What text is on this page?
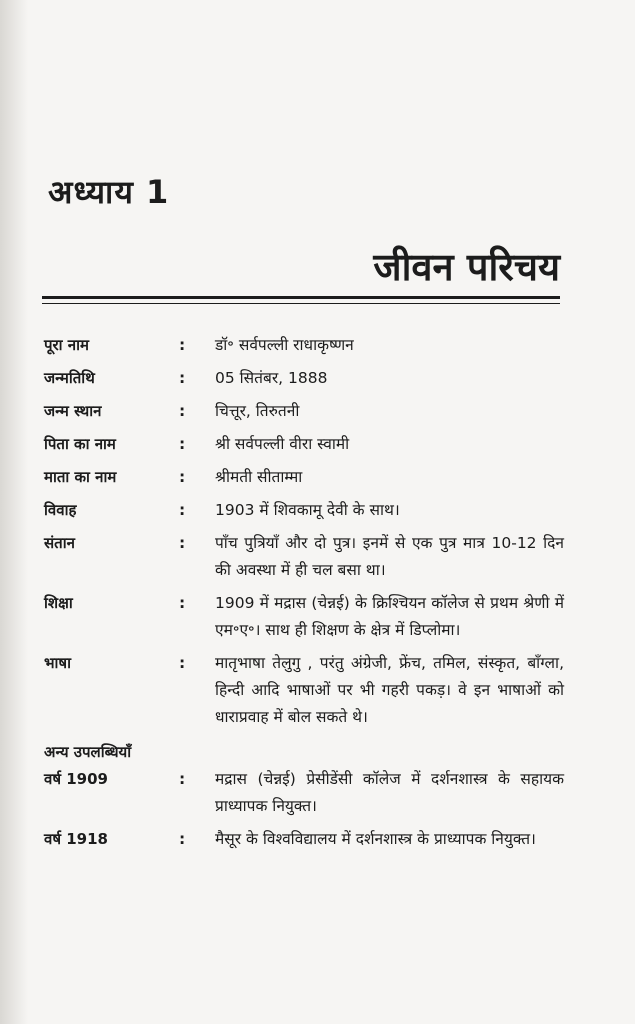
अध्याय 1
जीवन परिचय
पूरा नाम	:	डॉ॰ सर्वपल्ली राधाकृष्णन
जन्मतिथि	:	05 सितंबर, 1888
जन्म स्थान	:	चित्तूर, तिरुतनी
पिता का नाम	:	श्री सर्वपल्ली वीरा स्वामी
माता का नाम	:	श्रीमती सीताम्मा
विवाह	:	1903 में शिवकामू देवी के साथ।
संतान	:	पाँच पुत्रियाँ और दो पुत्र। इनमें से एक पुत्र मात्र 10-12 दिन की अवस्था में ही चल बसा था।
शिक्षा	:	1909 में मद्रास (चेन्नई) के क्रिश्चियन कॉलेज से प्रथम श्रेणी में एम॰ए॰। साथ ही शिक्षण के क्षेत्र में डिप्लोमा।
भाषा	:	मातृभाषा तेलुगु , परंतु अंग्रेजी, फ्रेंच, तमिल, संस्कृत, बाँग्ला, हिन्दी आदि भाषाओं पर भी गहरी पकड़। वे इन भाषाओं को धाराप्रवाह में बोल सकते थे।
अन्य उपलब्धियाँ
वर्ष 1909	:	मद्रास (चेन्नई) प्रेसीडेंसी कॉलेज में दर्शनशास्त्र के सहायक प्राध्यापक नियुक्त।
वर्ष 1918	:	मैसूर के विश्वविद्यालय में दर्शनशास्त्र के प्राध्यापक नियुक्त।
